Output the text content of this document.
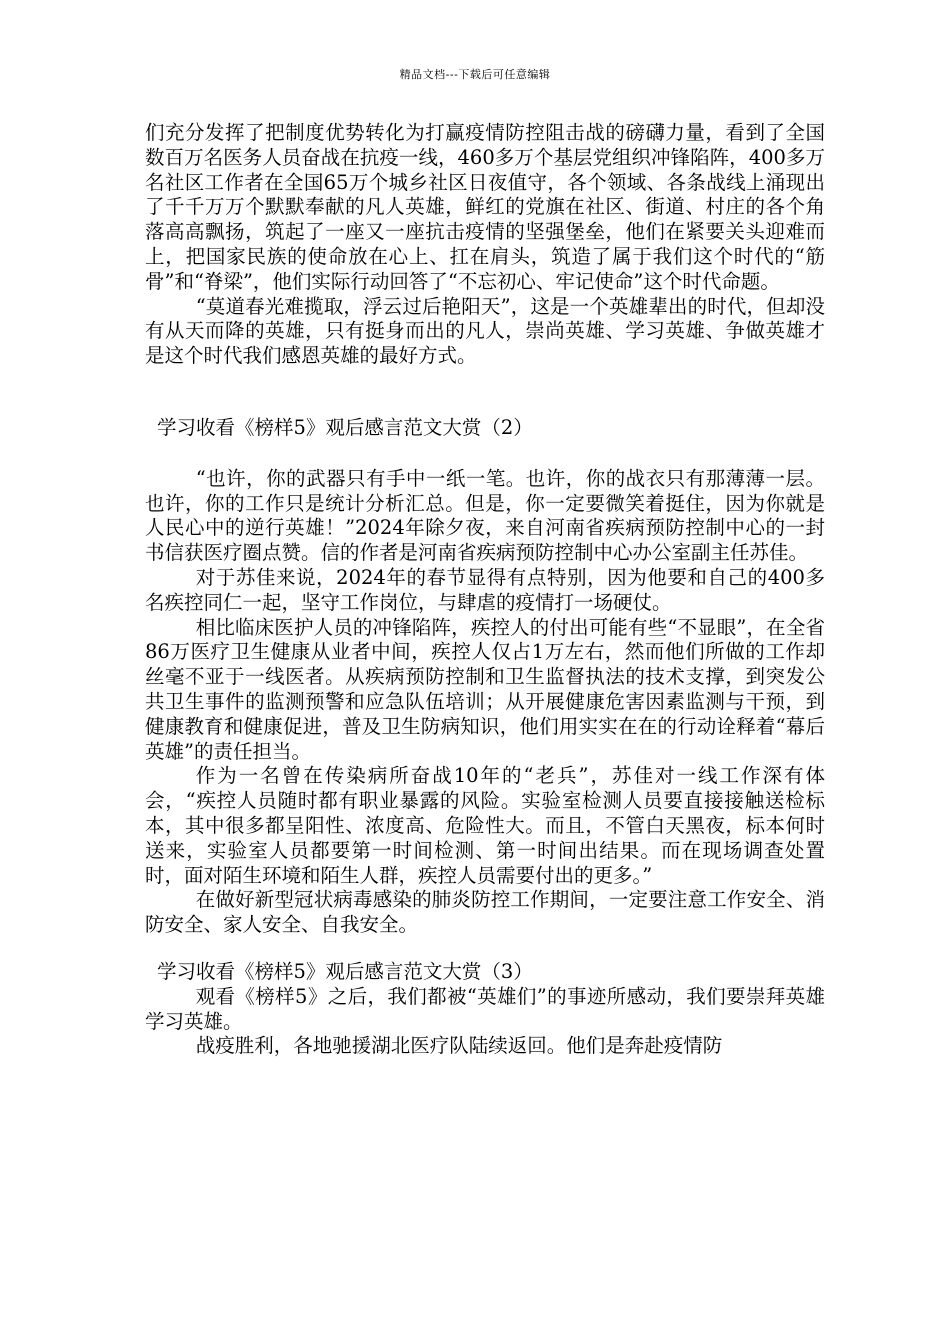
精品文档---下载后可任意编辑

们充分发挥了把制度优势转化为打赢疫情防控阻击战的磅礴力量，看到了全国数百万名医务人员奋战在抗疫一线，460多万个基层党组织冲锋陷阵，400多万名社区工作者在全国65万个城乡社区日夜值守，各个领域、各条战线上涌现出了千千万万个默默奉献的凡人英雄，鲜红的党旗在社区、街道、村庄的各个角落高高飘扬，筑起了一座又一座抗击疫情的坚强堡垒，他们在紧要关头迎难而上，把国家民族的使命放在心上、扛在肩头，筑造了属于我们这个时代的“筋骨”和“脊梁”，他们实际行动回答了“不忘初心、牢记使命”这个时代命题。

“莫道春光难揽取，浮云过后艳阳天”，这是一个英雄辈出的时代，但却没有从天而降的英雄，只有挺身而出的凡人，崇尚英雄、学习英雄、争做英雄才是这个时代我们感恩英雄的最好方式。

学习收看《榜样5》观后感言范文大赏（2）

“也许，你的武器只有手中一纸一笔。也许，你的战衣只有那薄薄一层。也许，你的工作只是统计分析汇总。但是，你一定要微笑着挺住，因为你就是人民心中的逆行英雄！”2024年除夕夜，来自河南省疾病预防控制中心的一封书信获医疗圈点赞。信的作者是河南省疾病预防控制中心办公室副主任苏佳。

对于苏佳来说，2024年的春节显得有点特别，因为他要和自己的400多名疾控同仁一起，坚守工作岗位，与肆虐的疫情打一场硬仗。

相比临床医护人员的冲锋陷阵，疾控人的付出可能有些“不显眼”，在全省86万医疗卫生健康从业者中间，疾控人仅占1万左右，然而他们所做的工作却丝毫不亚于一线医者。从疾病预防控制和卫生监督执法的技术支撑，到突发公共卫生事件的监测预警和应急队伍培训；从开展健康危害因素监测与干预，到健康教育和健康促进，普及卫生防病知识，他们用实实在在的行动诠释着“幕后英雄”的责任担当。

作为一名曾在传染病所奋战10年的“老兵”，苏佳对一线工作深有体会，“疾控人员随时都有职业暴露的风险。实验室检测人员要直接接触送检标本，其中很多都呈阳性、浓度高、危险性大。而且，不管白天黑夜，标本何时送来，实验室人员都要第一时间检测、第一时间出结果。而在现场调查处置时，面对陌生环境和陌生人群，疾控人员需要付出的更多。”

在做好新型冠状病毒感染的肺炎防控工作期间，一定要注意工作安全、消防安全、家人安全、自我安全。

学习收看《榜样5》观后感言范文大赏（3）

观看《榜样5》之后，我们都被“英雄们”的事迹所感动，我们要崇拜英雄学习英雄。

战疫胜利，各地驰援湖北医疗队陆续返回。他们是奔赴疫情防
